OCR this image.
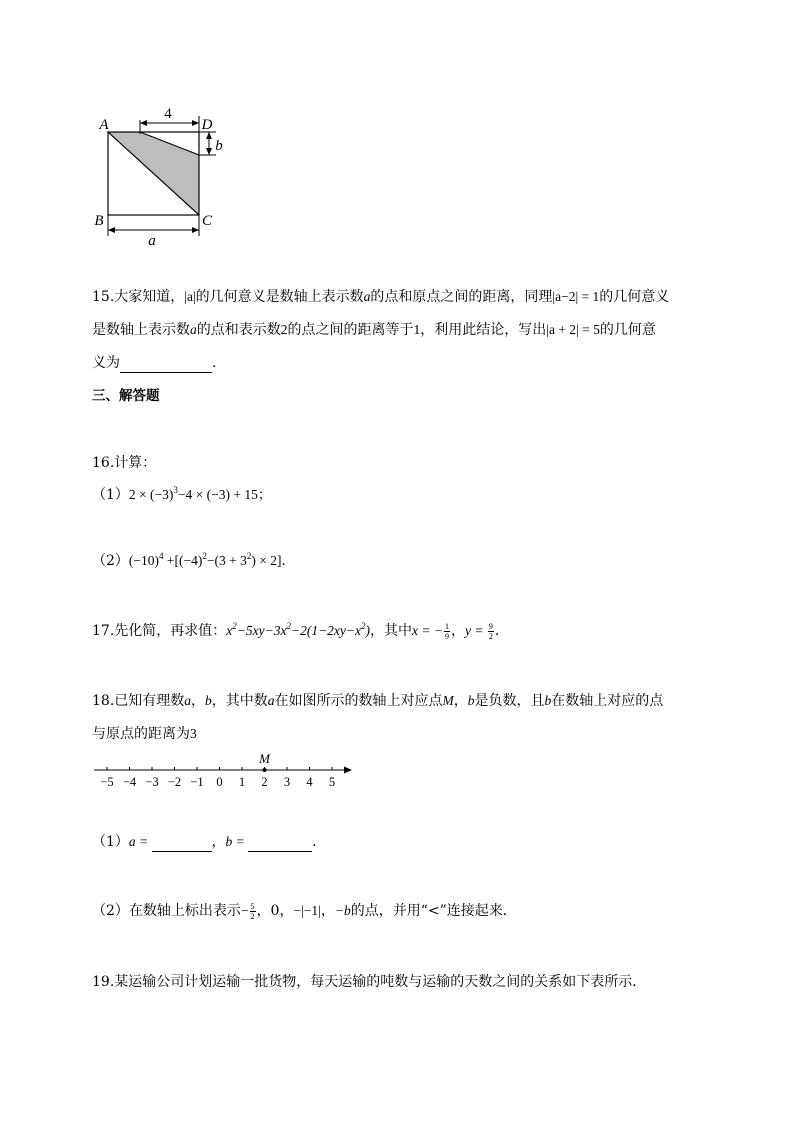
A	D
B	C
4
b
a
15.大家知道，|a|的几何意义是数轴上表示数a的点和原点之间的距离，同理|a−2| = 1的几何意义
是数轴上表示数a的点和表示数2的点之间的距离等于1，利用此结论，写出|a + 2| = 5的几何意
义为	.
三、解答题
16.计算：
$(1)2 \times (-3)^3-4 \times (-3) + 15$；
$(2)(-10)^4 +[(-4)^2-(3 + 3^2) \times 2]$．
17.先化简，再求值：$x^2-5xy-3x^2-2(1-2xy-x^2)$，其中x = − $\frac{1}{9}$ ，$y = \frac{9}{2}$ .
18.已知有理数a，b，其中数a在如图所示的数轴上对应点M，b是负数，且b在数轴上对应的点
与原点的距离为3
−5 −4 −3 −2 −1 0 1 2 3 4 5
M
（1）a =	，b =	.
（2）在数轴上标出表示− $\frac{5}{2}$ ，0，−|−1|，−b的点，并用“<”连接起来．
19.某运输公司计划运输一批货物，每天运输的吨数与运输的天数之间的关系如下表所示．
